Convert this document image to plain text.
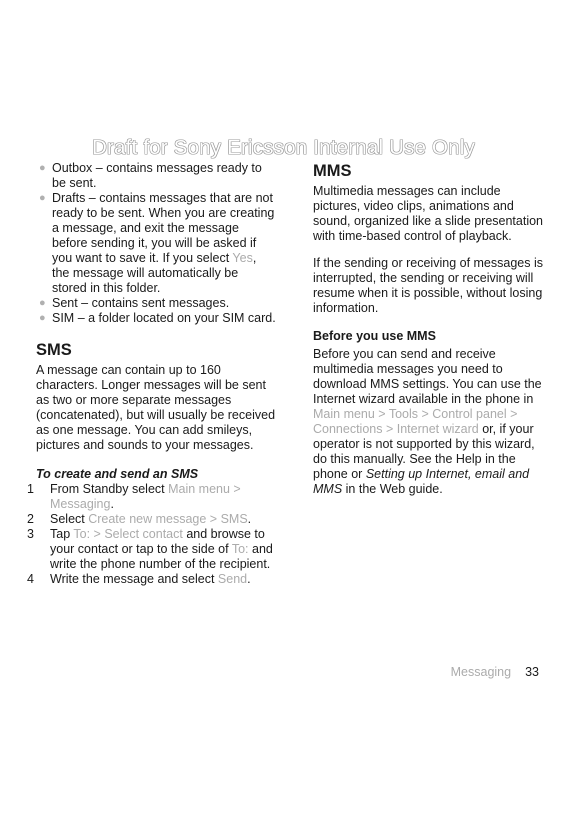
Draft for Sony Ericsson Internal Use Only
● Outbox – contains messages ready to be sent.
● Drafts – contains messages that are not ready to be sent. When you are creating a message, and exit the message before sending it, you will be asked if you want to save it. If you select Yes, the message will automatically be stored in this folder.
● Sent – contains sent messages.
● SIM – a folder located on your SIM card.
SMS

A message can contain up to 160 characters. Longer messages will be sent as two or more separate messages (concatenated), but will usually be received as one message. You can add smileys, pictures and sounds to your messages.

To create and send an SMS

1 From Standby select Main menu > Messaging.
2 Select Create new message > SMS.
3 Tap To: > Select contact and browse to your contact or tap to the side of To: and write the phone number of the recipient.
4 Write the message and select Send.
MMS

Multimedia messages can include pictures, video clips, animations and sound, organized like a slide presentation with time-based control of playback.

If the sending or receiving of messages is interrupted, the sending or receiving will resume when it is possible, without losing information.

Before you use MMS

Before you can send and receive multimedia messages you need to download MMS settings. You can use the Internet wizard available in the phone in Main menu > Tools > Control panel > Connections > Internet wizard or, if your operator is not supported by this wizard, do this manually. See the Help in the phone or Setting up Internet, email and MMS in the Web guide.

Messaging 33
